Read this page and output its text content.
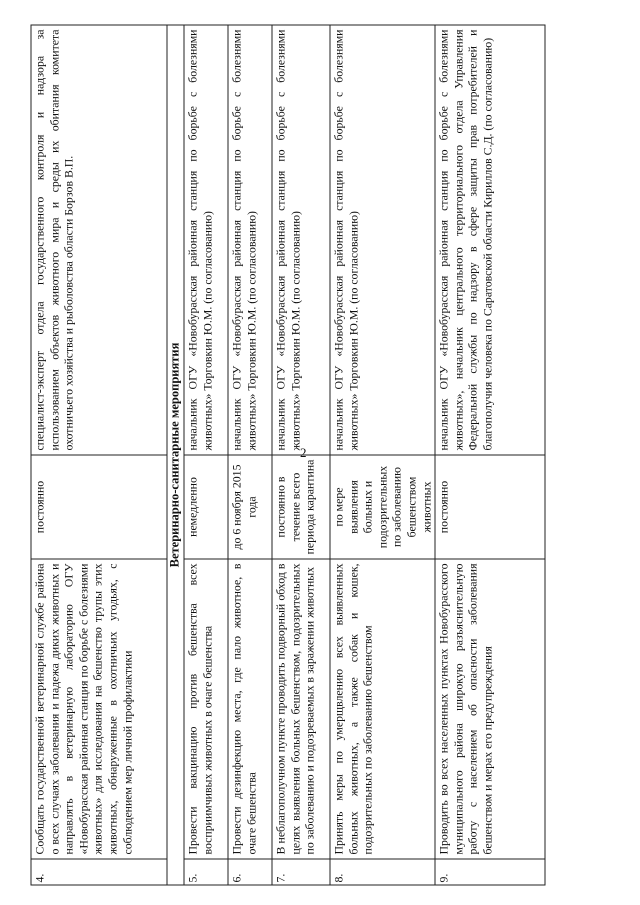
2
4.	Сообщать государственной ветеринарной службе района о всех случаях заболевания и падежа диких животных и направлять в ветеринарную лабораторию ОГУ «Новобурасская районная станция по борьбе с болезнями животных» для исследования на бешенство трупы этих животных, обнаруженные в охотничьих угодьях, с соблюдением мер личной профилактики	постоянно	специалист-эксперт отдела государственного контроля и надзора за использованием объектов животного мира и среды их обитания комитета охотничьего хозяйства и рыболовства области Борзов В.П.
Ветеринарно-санитарные мероприятия			
5.	Провести вакцинацию против бешенства всех восприимчивых животных в очаге бешенства	немедленно	начальник ОГУ «Новобурасская районная станция по борьбе с болезнями животных» Торговкин Ю.М. (по согласованию)
6.	Провести дезинфекцию места, где пало животное, в очаге бешенства	до 6 ноября 2015 года	начальник ОГУ «Новобурасская районная станция по борьбе с болезнями животных» Торговкин Ю.М. (по согласованию)
7.	В неблагополучном пункте проводить подворный обход в целях выявления больных бешенством, подозрительных по заболеванию и подозреваемых в заражении животных	постоянно в течение всего периода карантина	начальник ОГУ «Новобурасская районная станция по борьбе с болезнями животных» Торговкин Ю.М. (по согласованию)
8.	Принять меры по умерщвлению всех выявленных больных животных, а также собак и кошек, подозрительных по заболеванию бешенством	по мере выявления больных и подозрительных по заболеванию бешенством животных	начальник ОГУ «Новобурасская районная станция по борьбе с болезнями животных» Торговкин Ю.М. (по согласованию)
9.	Проводить во всех населенных пунктах Новобурасского муниципального района широкую разъяснительную работу с населением об опасности заболевания бешенством и мерах его предупреждения	постоянно	начальник ОГУ «Новобурасская районная станция по борьбе с болезнями животных», начальник центрального территориального отдела Управления Федеральной службы по надзору в сфере защиты прав потребителей и благополучия человека по Саратовской области Кириллов С.Д. (по согласованию)
